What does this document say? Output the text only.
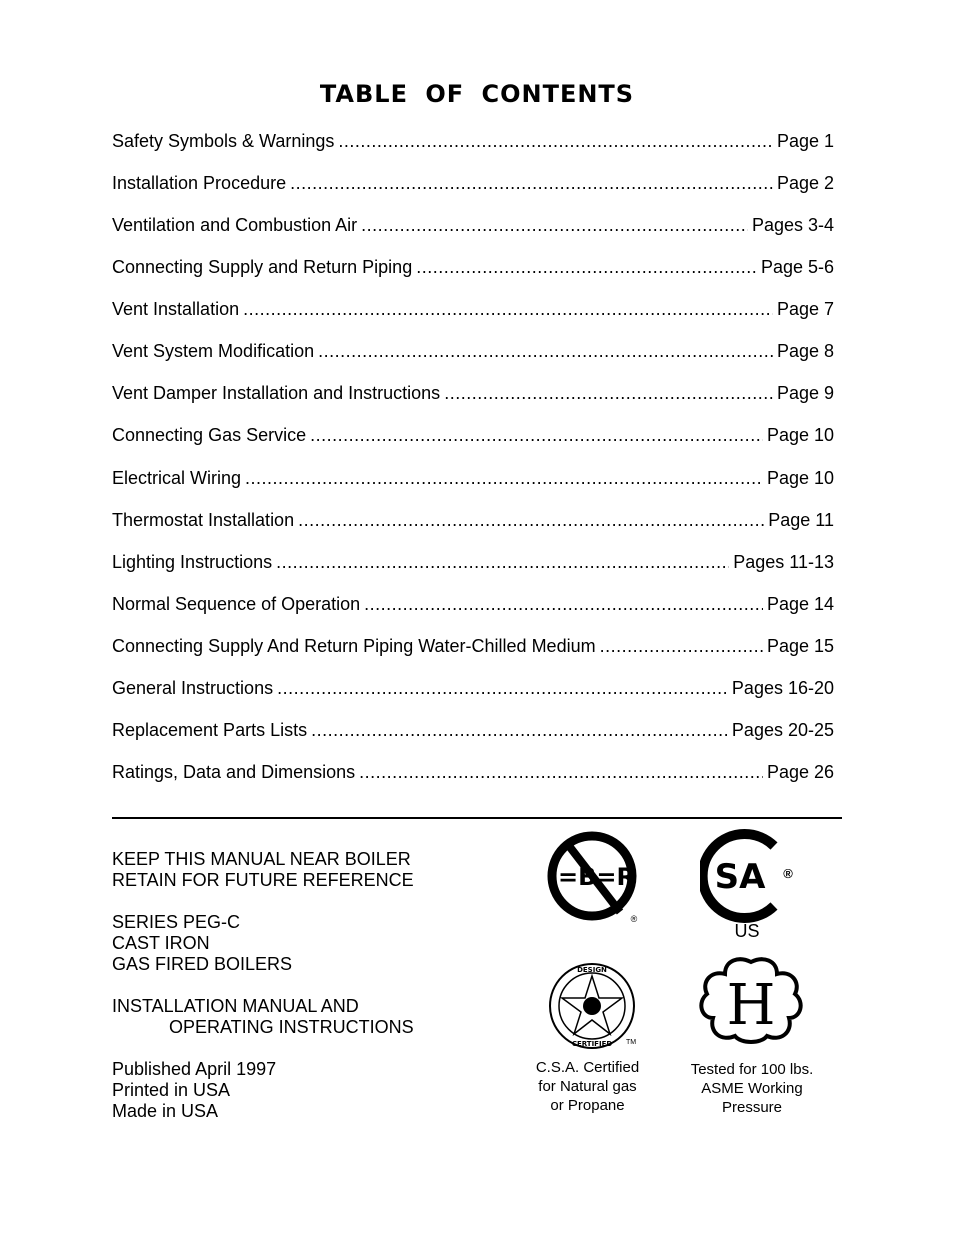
TABLE OF CONTENTS
Safety Symbols & Warnings .....	Page 1
Installation Procedure .....	Page 2
Ventilation and Combustion Air .....	Pages 3-4
Connecting Supply and Return Piping .....	Page 5-6
Vent Installation .....	Page 7
Vent System Modification .....	Page 8
Vent Damper Installation and Instructions .....	Page 9
Connecting Gas Service .....	Page 10
Electrical Wiring .....	Page 10
Thermostat Installation .....	Page 11
Lighting Instructions .....	Pages 11-13
Normal Sequence of Operation .....	Page 14
Connecting Supply And Return Piping Water-Chilled Medium .....	Page 15
General Instructions .....	Pages 16-20
Replacement Parts Lists .....	Pages 20-25
Ratings, Data and Dimensions .....	Page 26
KEEP THIS MANUAL NEAR BOILER
RETAIN FOR FUTURE REFERENCE
SERIES PEG-C
CAST IRON
GAS FIRED BOILERS
INSTALLATION MANUAL AND
OPERATING INSTRUCTIONS
Published April 1997
Printed in USA
Made in USA
I=B=R
®
SA ®
US
DESIGN
CERTIFIED TM
H
C.S.A. Certified
for Natural gas
or Propane
Tested for 100 lbs.
ASME Working
Pressure
